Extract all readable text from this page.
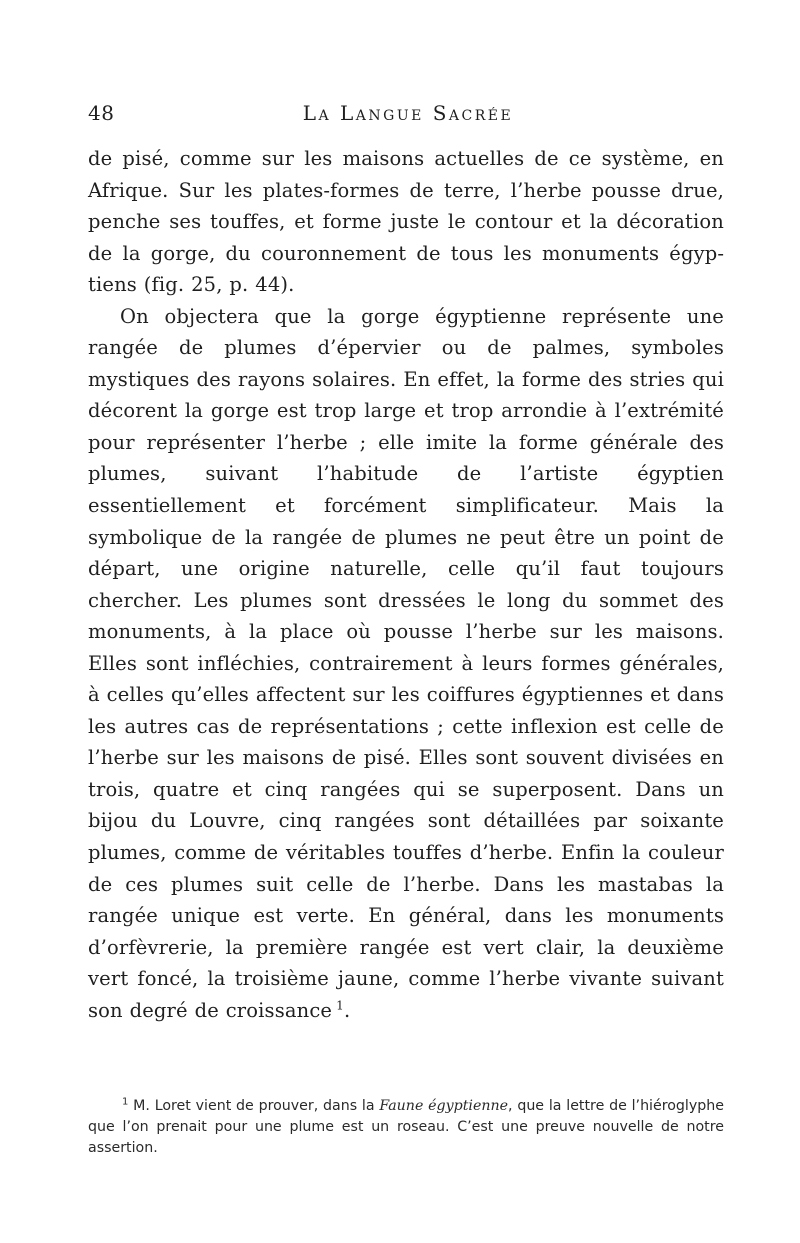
48	La Langue Sacrée

de pisé, comme sur les maisons actuelles de ce système, en Afrique. Sur les plates-formes de terre, l’herbe pousse drue, penche ses touffes, et forme juste le contour et la décoration de la gorge, du couronnement de tous les monuments égyptiens (fig. 25, p. 44).

On objectera que la gorge égyptienne représente une rangée de plumes d’épervier ou de palmes, symboles mystiques des rayons solaires. En effet, la forme des stries qui décorent la gorge est trop large et trop arrondie à l’extrémité pour représenter l’herbe ; elle imite la forme générale des plumes, suivant l’habitude de l’artiste égyptien essentiellement et forcément simplificateur. Mais la symbolique de la rangée de plumes ne peut être un point de départ, une origine naturelle, celle qu’il faut toujours chercher. Les plumes sont dressées le long du sommet des monuments, à la place où pousse l’herbe sur les maisons. Elles sont infléchies, contrairement à leurs formes générales, à celles qu’elles affectent sur les coiffures égyptiennes et dans les autres cas de représentations ; cette inflexion est celle de l’herbe sur les maisons de pisé. Elles sont souvent divisées en trois, quatre et cinq rangées qui se superposent. Dans un bijou du Louvre, cinq rangées sont détaillées par soixante plumes, comme de véritables touffes d’herbe. Enfin la couleur de ces plumes suit celle de l’herbe. Dans les mastabas la rangée unique est verte. En général, dans les monuments d’orfèvrerie, la première rangée est vert clair, la deuxième vert foncé, la troisième jaune, comme l’herbe vivante suivant son degré de croissance  $^1$.

$^1$ M. Loret vient de prouver, dans la Faune égyptienne, que la lettre de l’hiéroglyphe que l’on prenait pour une plume est un roseau. C’est une preuve nouvelle de notre assertion.
